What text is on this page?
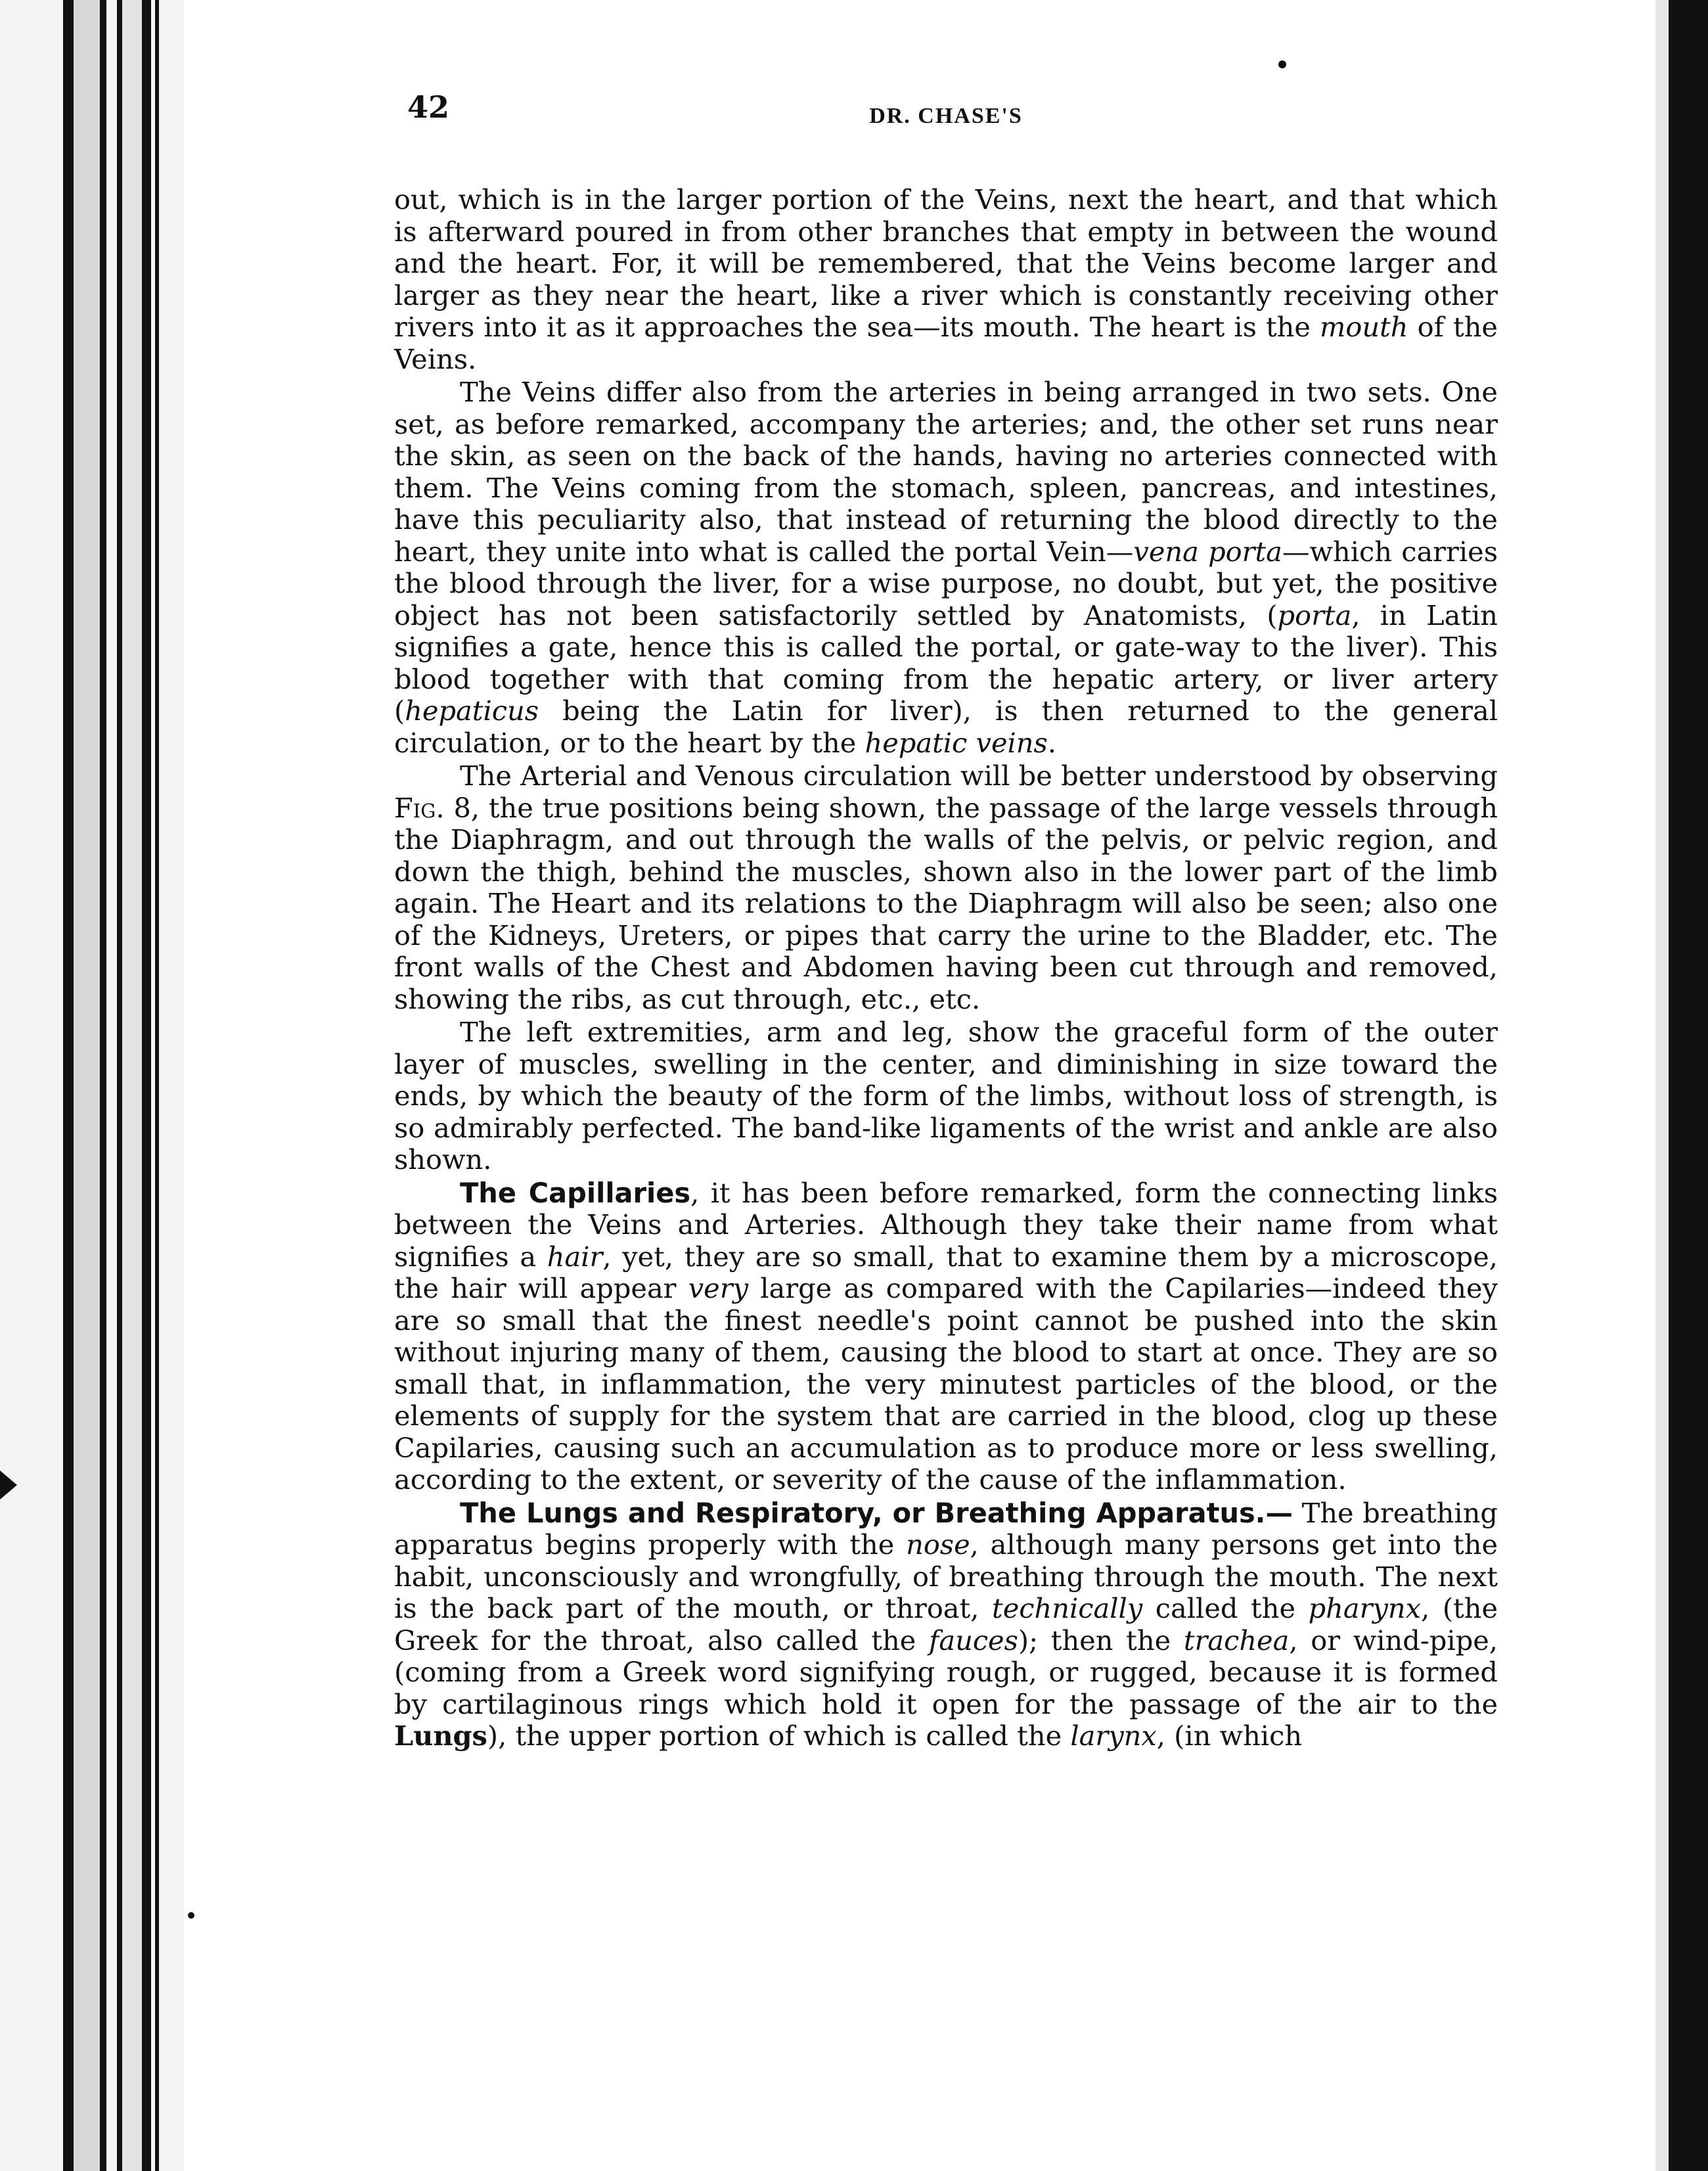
42	DR. CHASE'S

out, which is in the larger portion of the Veins, next the heart, and that which is afterward poured in from other branches that empty in between the wound and the heart. For, it will be remembered, that the Veins become larger and larger as they near the heart, like a river which is constantly receiving other rivers into it as it approaches the sea—its mouth. The heart is the mouth of the Veins.

The Veins differ also from the arteries in being arranged in two sets. One set, as before remarked, accompany the arteries; and, the other set runs near the skin, as seen on the back of the hands, having no arteries connected with them. The Veins coming from the stomach, spleen, pancreas, and intestines, have this peculiarity also, that instead of returning the blood directly to the heart, they unite into what is called the portal Vein—vena porta—which carries the blood through the liver, for a wise purpose, no doubt, but yet, the positive object has not been satisfactorily settled by Anatomists, (porta, in Latin signifies a gate, hence this is called the portal, or gate-way to the liver). This blood together with that coming from the hepatic artery, or liver artery (hepaticus being the Latin for liver), is then returned to the general circulation, or to the heart by the hepatic veins.

The Arterial and Venous circulation will be better understood by observing Fig. 8, the true positions being shown, the passage of the large vessels through the Diaphragm, and out through the walls of the pelvis, or pelvic region, and down the thigh, behind the muscles, shown also in the lower part of the limb again. The Heart and its relations to the Diaphragm will also be seen; also one of the Kidneys, Ureters, or pipes that carry the urine to the Bladder, etc. The front walls of the Chest and Abdomen having been cut through and removed, showing the ribs, as cut through, etc., etc.

The left extremities, arm and leg, show the graceful form of the outer layer of muscles, swelling in the center, and diminishing in size toward the ends, by which the beauty of the form of the limbs, without loss of strength, is so admirably perfected. The band-like ligaments of the wrist and ankle are also shown.

The Capillaries, it has been before remarked, form the connecting links between the Veins and Arteries. Although they take their name from what signifies a hair, yet, they are so small, that to examine them by a microscope, the hair will appear very large as compared with the Capilaries—indeed they are so small that the finest needle's point cannot be pushed into the skin without injuring many of them, causing the blood to start at once. They are so small that, in inflammation, the very minutest particles of the blood, or the elements of supply for the system that are carried in the blood, clog up these Capilaries, causing such an accumulation as to produce more or less swelling, according to the extent, or severity of the cause of the inflammation.

The Lungs and Respiratory, or Breathing Apparatus.— The breathing apparatus begins properly with the nose, although many persons get into the habit, unconsciously and wrongfully, of breathing through the mouth. The next is the back part of the mouth, or throat, technically called the pharynx, (the Greek for the throat, also called the fauces); then the trachea, or wind-pipe, (coming from a Greek word signifying rough, or rugged, because it is formed by cartilaginous rings which hold it open for the passage of the air to the Lungs), the upper portion of which is called the larynx, (in which
